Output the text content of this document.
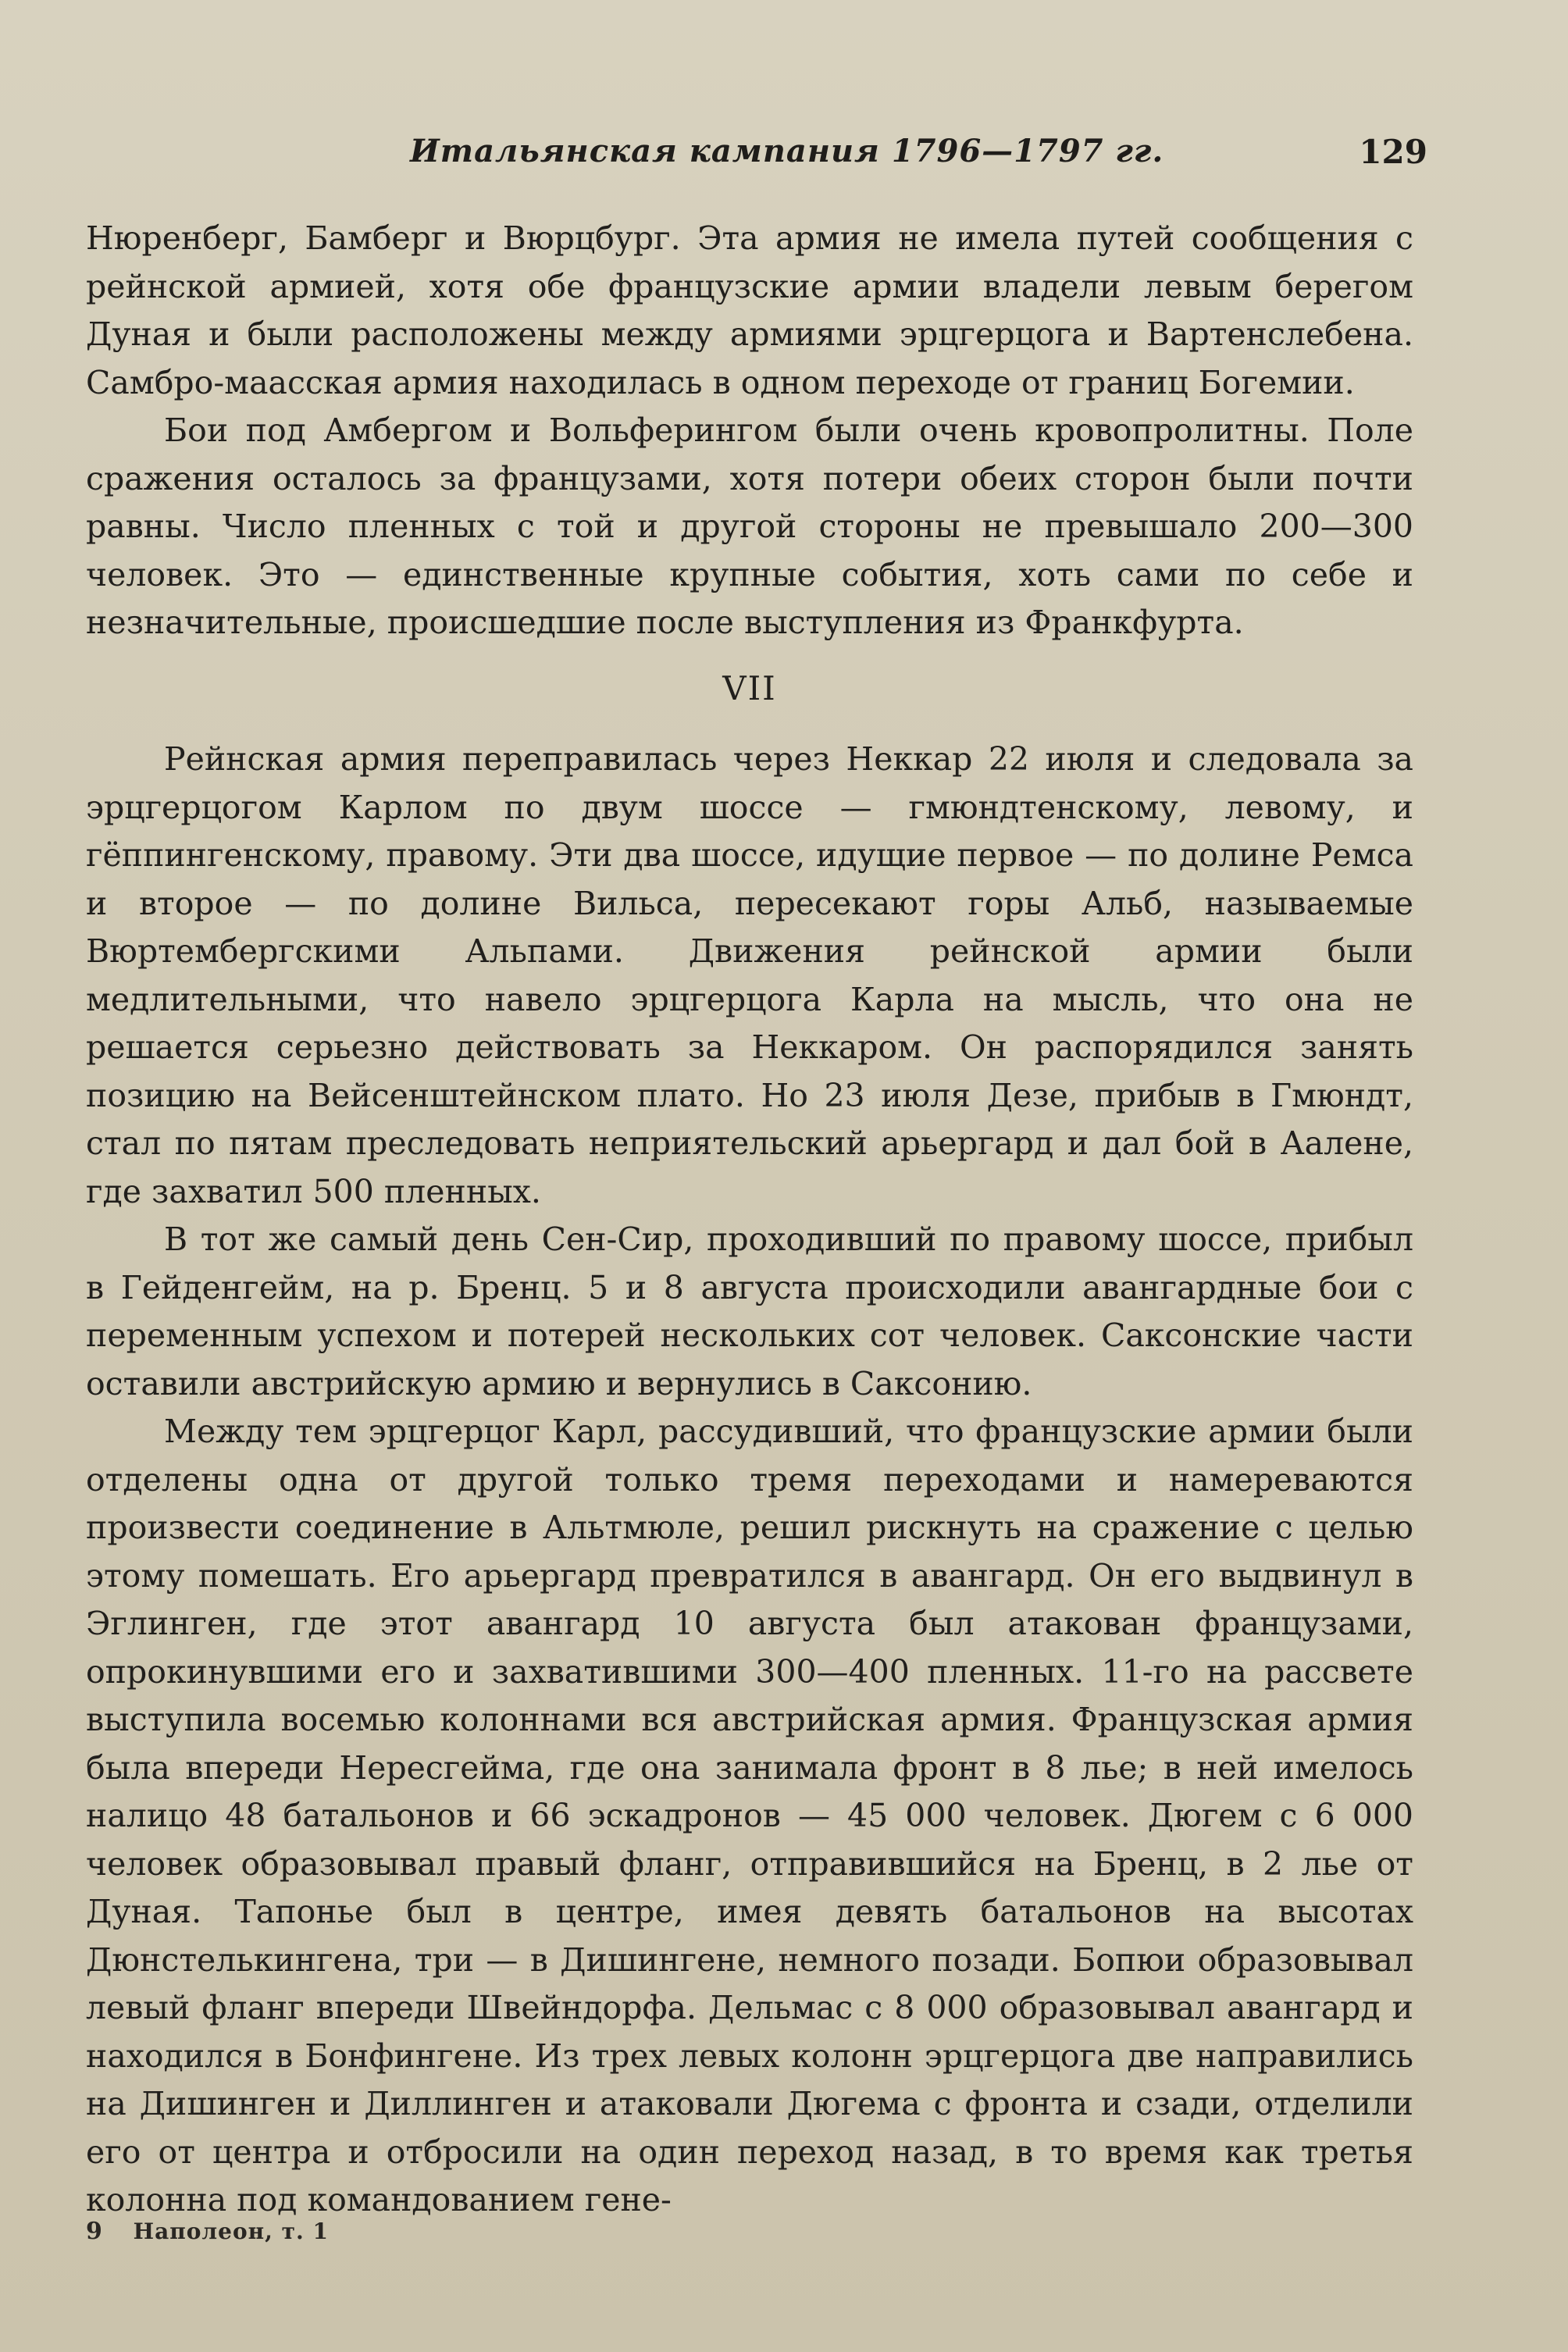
Итальянская кампания 1796—1797 гг.	129

Нюренберг, Бамберг и Вюрцбург. Эта армия не имела путей сообщения с рейнской армией, хотя обе французские армии владели левым берегом Дуная и были расположены между армиями эрцгерцога и Вартенслебена. Самбро-маасская армия находилась в одном переходе от границ Богемии.

Бои под Амбергом и Вольферингом были очень кровопролитны. Поле сражения осталось за французами, хотя потери обеих сторон были почти равны. Число пленных с той и другой стороны не превышало 200—300 человек. Это — единственные крупные события, хоть сами по себе и незначительные, происшедшие после выступления из Франкфурта.

VII

Рейнская армия переправилась через Неккар 22 июля и следовала за эрцгерцогом Карлом по двум шоссе — гмюндтенскому, левому, и гёппингенскому, правому. Эти два шоссе, идущие первое — по долине Ремса и второе — по долине Вильса, пересекают горы Альб, называемые Вюртембергскими Альпами. Движения рейнской армии были медлительными, что навело эрцгерцога Карла на мысль, что она не решается серьезно действовать за Неккаром. Он распорядился занять позицию на Вейсенштейнском плато. Но 23 июля Дезе, прибыв в Гмюндт, стал по пятам преследовать неприятельский арьергард и дал бой в Аалене, где захватил 500 пленных.

В тот же самый день Сен-Сир, проходивший по правому шоссе, прибыл в Гейденгейм, на р. Бренц. 5 и 8 августа происходили авангардные бои с переменным успехом и потерей нескольких сот человек. Саксонские части оставили австрийскую армию и вернулись в Саксонию.

Между тем эрцгерцог Карл, рассудивший, что французские армии были отделены одна от другой только тремя переходами и намереваются произвести соединение в Альтмюле, решил рискнуть на сражение с целью этому помешать. Его арьергард превратился в авангард. Он его выдвинул в Эглинген, где этот авангард 10 августа был атакован французами, опрокинувшими его и захватившими 300—400 пленных. 11-го на рассвете выступила восемью колоннами вся австрийская армия. Французская армия была впереди Нересгейма, где она занимала фронт в 8 лье; в ней имелось налицо 48 батальонов и 66 эскадронов — 45 000 человек. Дюгем с 6 000 человек образовывал правый фланг, отправившийся на Бренц, в 2 лье от Дуная. Тапонье был в центре, имея девять батальонов на высотах Дюнстелькингена, три — в Дишингене, немного позади. Бопюи образовывал левый фланг впереди Швейндорфа. Дельмас с 8 000 образовывал авангард и находился в Бонфингене. Из трех левых колонн эрцгерцога две направились на Дишинген и Диллинген и атаковали Дюгема с фронта и сзади, отделили его от центра и отбросили на один переход назад, в то время как третья колонна под командованием гене-

9 Наполеон, т. 1
